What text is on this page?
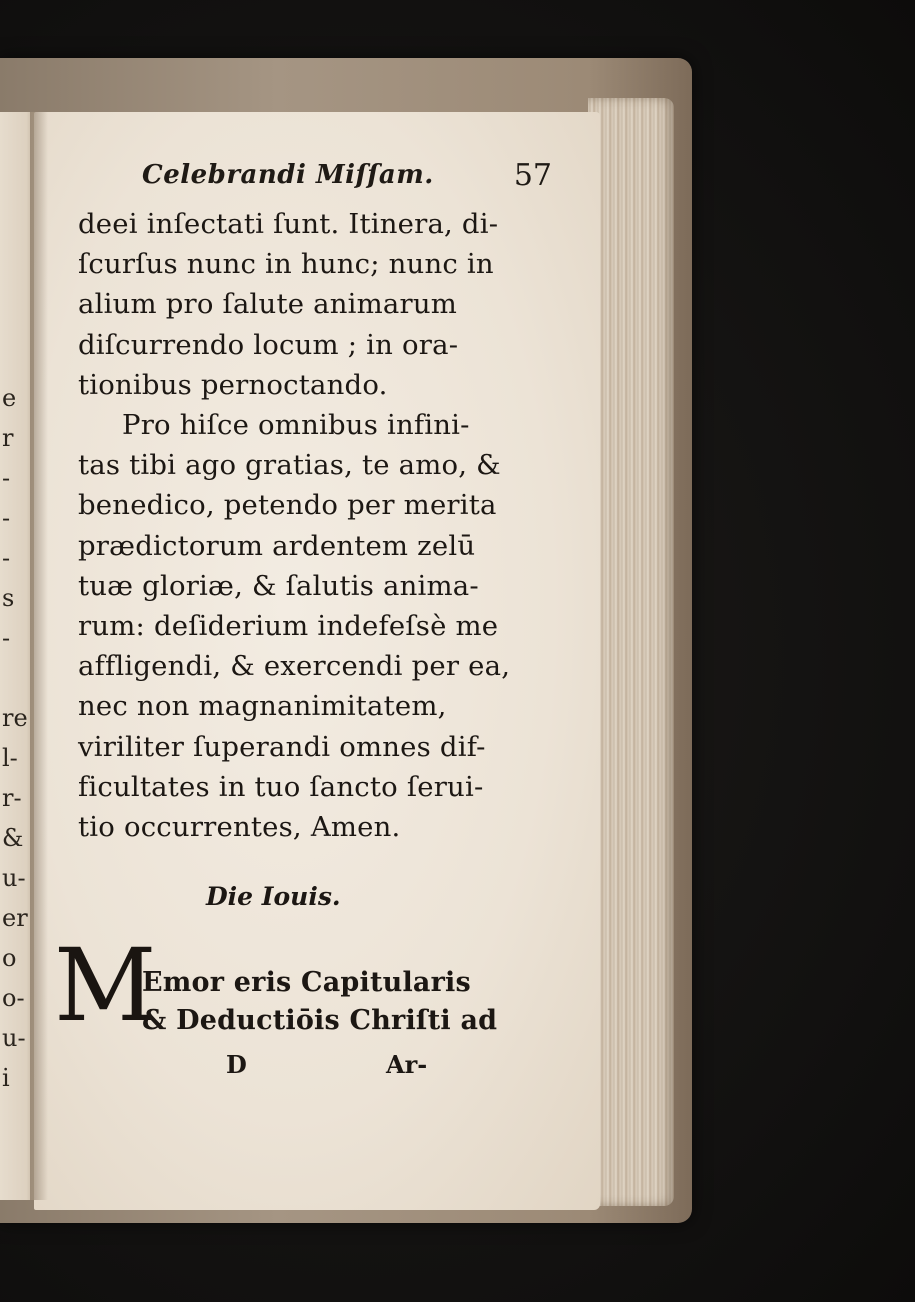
e
r
-
-
-
s
-
re
l-
r-
&
u-
er
o
o-
u-
i
Celebrandi Miſſam.	57
deei inſectati ſunt. Itinera, di-
ſcurſus nunc in hunc; nunc in
alium pro ſalute animarum
diſcurrendo locum ; in ora-
tionibus pernoctando.
Pro hiſce omnibus infini-
tas tibi ago gratias, te amo, &
benedico, petendo per merita
prædictorum ardentem zelū
tuæ gloriæ, & ſalutis anima-
rum: deſiderium indefeſsè me
affligendi, & exercendi per ea,
nec non magnanimitatem,
viriliter ſuperandi omnes dif-
ficultates in tuo ſancto ſerui-
tio occurrentes, Amen.
Die Iouis.
M
Emor eris Capitularis
& Deductiōis Chriſti ad
D	Ar-
